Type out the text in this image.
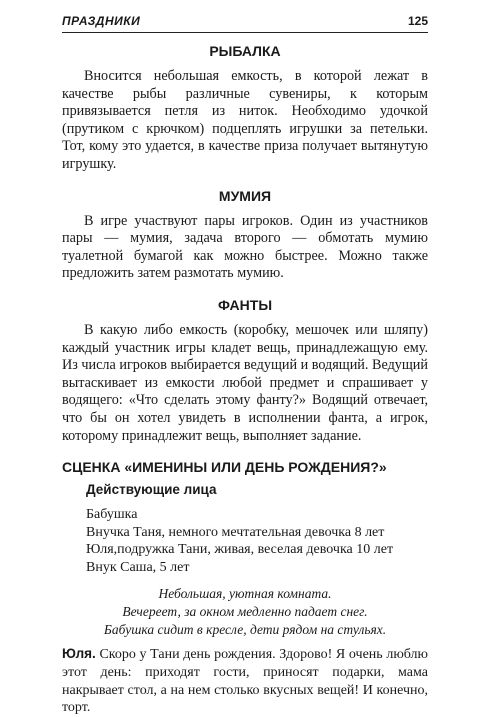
ПРАЗДНИКИ	125
РЫБАЛКА

Вносится небольшая емкость, в которой лежат в качестве рыбы различные сувениры, к которым привязывается петля из ниток. Необходимо удочкой (прутиком с крючком) подцеплять игрушки за петельки. Тот, кому это удается, в качестве приза получает вытянутую игрушку.

МУМИЯ

В игре участвуют пары игроков. Один из участников пары — мумия, задача второго — обмотать мумию туалетной бумагой как можно быстрее. Можно также предложить затем размотать мумию.

ФАНТЫ

В какую либо емкость (коробку, мешочек или шляпу) каждый участник игры кладет вещь, принадлежащую ему. Из числа игроков выбирается ведущий и водящий. Ведущий вытаскивает из емкости любой предмет и спрашивает у водящего: «Что сделать этому фанту?» Водящий отвечает, что бы он хотел увидеть в исполнении фанта, а игрок, которому принадлежит вещь, выполняет задание.

СЦЕНКА «ИМЕНИНЫ ИЛИ ДЕНЬ РОЖДЕНИЯ?»
Действующие лица
Бабушка
Внучка Таня, немного мечтательная девочка 8 лет
Юля,подружка Тани, живая, веселая девочка 10 лет
Внук Саша, 5 лет
Небольшая, уютная комната.
Вечереет, за окном медленно падает снег.
Бабушка сидит в кресле, дети рядом на стульях.

Юля. Скоро у Тани день рождения. Здорово! Я очень люблю этот день: приходят гости, приносят подарки, мама накрывает стол, а на нем столько вкусных вещей! И конечно, торт.
